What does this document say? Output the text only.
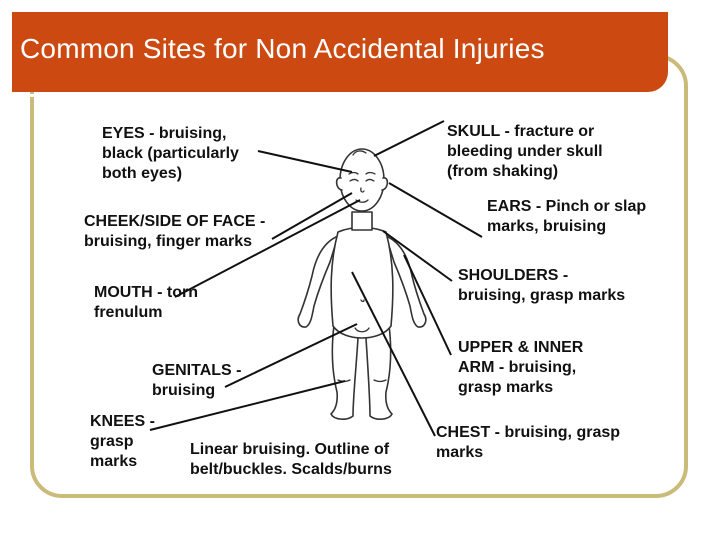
Common Sites for Non Accidental Injuries
EYES - bruising,
black (particularly
both eyes)
CHEEK/SIDE OF FACE -
bruising, finger marks
MOUTH - torn
frenulum
GENITALS -
bruising
KNEES -
grasp
marks
Linear bruising. Outline of
belt/buckles. Scalds/burns
SKULL - fracture or
bleeding under skull
(from shaking)
EARS - Pinch or slap
marks, bruising
SHOULDERS -
bruising, grasp marks
UPPER & INNER
ARM - bruising,
grasp marks
CHEST - bruising, grasp
marks
